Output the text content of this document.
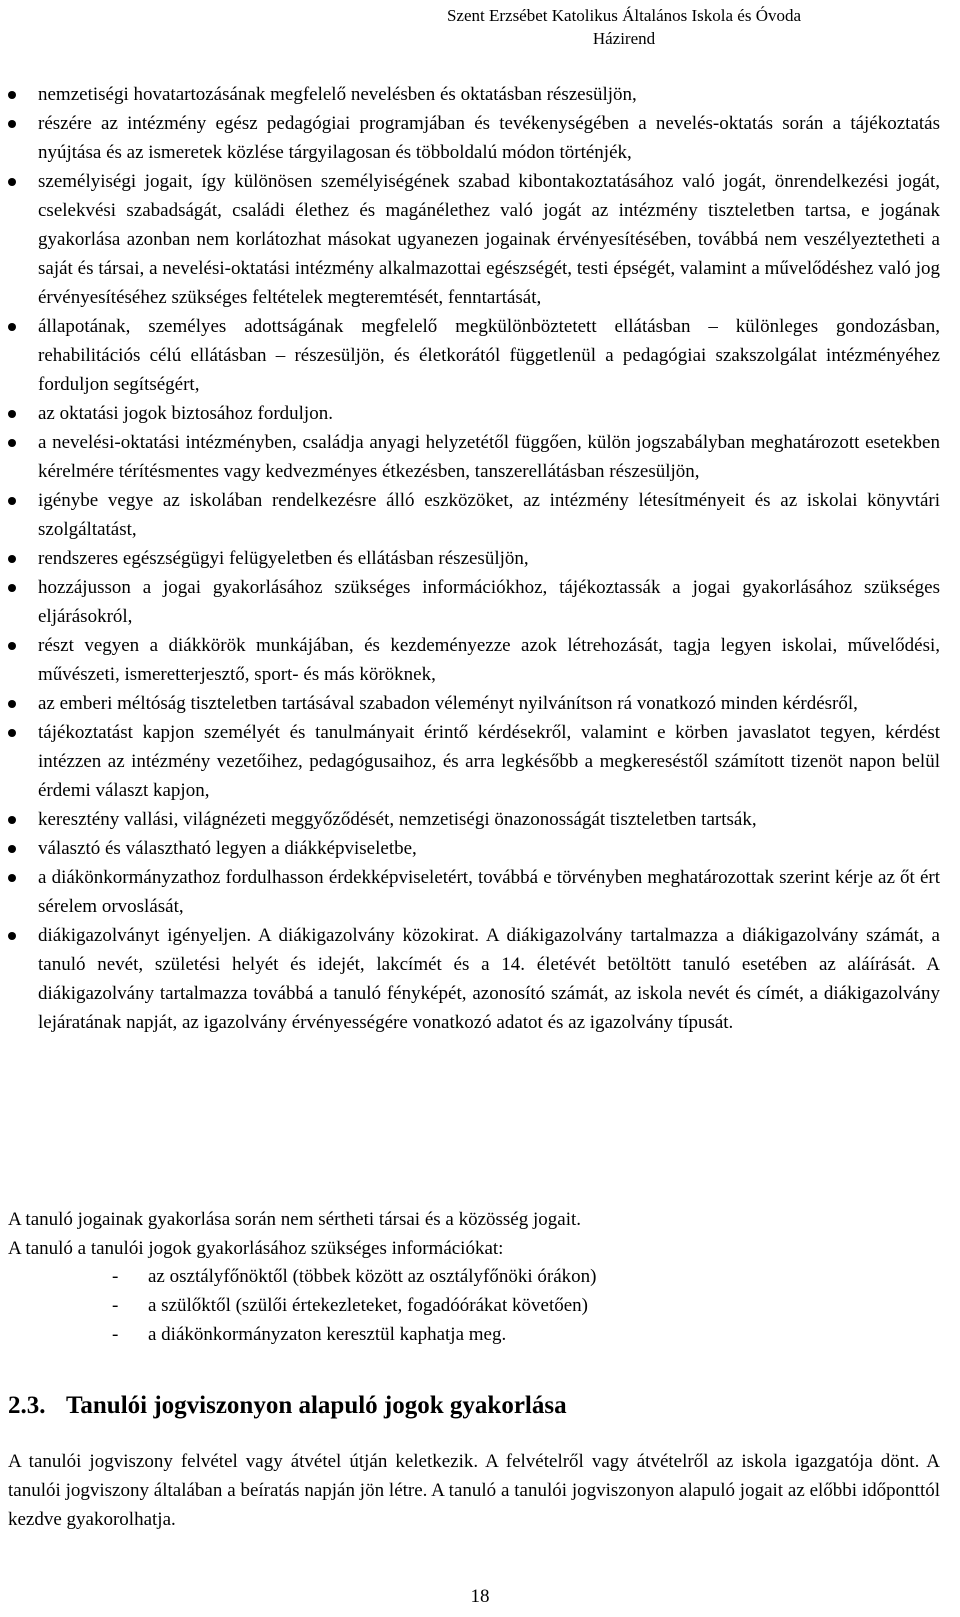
Szent Erzsébet Katolikus Általános Iskola és Óvoda
Házirend
nemzetiségi hovatartozásának megfelelő nevelésben és oktatásban részesüljön,
részére az intézmény egész pedagógiai programjában és tevékenységében a nevelés-oktatás során a tájékoztatás nyújtása és az ismeretek közlése tárgyilagosan és többoldalú módon történjék,
személyiségi jogait, így különösen személyiségének szabad kibontakoztatásához való jogát, önrendelkezési jogát, cselekvési szabadságát, családi élethez és magánélethez való jogát az intézmény tiszteletben tartsa, e jogának gyakorlása azonban nem korlátozhat másokat ugyanezen jogainak érvényesítésében, továbbá nem veszélyeztetheti a saját és társai, a nevelési-oktatási intézmény alkalmazottai egészségét, testi épségét, valamint a művelődéshez való jog érvényesítéséhez szükséges feltételek megteremtését, fenntartását,
állapotának, személyes adottságának megfelelő megkülönböztetett ellátásban – különleges gondozásban, rehabilitációs célú ellátásban – részesüljön, és életkorától függetlenül a pedagógiai szakszolgálat intézményéhez forduljon segítségért,
az oktatási jogok biztosához forduljon.
a nevelési-oktatási intézményben, családja anyagi helyzetétől függően, külön jogszabályban meghatározott esetekben kérelmére térítésmentes vagy kedvezményes étkezésben, tanszerellátásban részesüljön,
igénybe vegye az iskolában rendelkezésre álló eszközöket, az intézmény létesítményeit és az iskolai könyvtári szolgáltatást,
rendszeres egészségügyi felügyeletben és ellátásban részesüljön,
hozzájusson a jogai gyakorlásához szükséges információkhoz, tájékoztassák a jogai gyakorlásához szükséges eljárásokról,
részt vegyen a diákkörök munkájában, és kezdeményezze azok létrehozását, tagja legyen iskolai, művelődési, művészeti, ismeretterjesztő, sport- és más köröknek,
az emberi méltóság tiszteletben tartásával szabadon véleményt nyilvánítson rá vonatkozó minden kérdésről,
tájékoztatást kapjon személyét és tanulmányait érintő kérdésekről, valamint e körben javaslatot tegyen, kérdést intézzen az intézmény vezetőihez, pedagógusaihoz, és arra legkésőbb a megkereséstől számított tizenöt napon belül érdemi választ kapjon,
keresztény vallási, világnézeti meggyőződését, nemzetiségi önazonosságát tiszteletben tartsák,
választó és választható legyen a diákképviseletbe,
a diákönkormányzathoz fordulhasson érdekképviseletért, továbbá e törvényben meghatározottak szerint kérje az őt ért sérelem orvoslását,
diákigazolványt igényeljen. A diákigazolvány közokirat. A diákigazolvány tartalmazza a diákigazolvány számát, a tanuló nevét, születési helyét és idejét, lakcímét és a 14. életévét betöltött tanuló esetében az aláírását. A diákigazolvány tartalmazza továbbá a tanuló fényképét, azonosító számát, az iskola nevét és címét, a diákigazolvány lejáratának napját, az igazolvány érvényességére vonatkozó adatot és az igazolvány típusát.

A tanuló jogainak gyakorlása során nem sértheti társai és a közösség jogait.

A tanuló a tanulói jogok gyakorlásához szükséges információkat:

- az osztályfőnöktől (többek között az osztályfőnöki órákon)
- a szülőktől (szülői értekezleteket, fogadóórákat követően)
- a diákönkormányzaton keresztül kaphatja meg.
2.3. Tanulói jogviszonyon alapuló jogok gyakorlása

A tanulói jogviszony felvétel vagy átvétel útján keletkezik. A felvételről vagy átvételről az iskola igazgatója dönt. A tanulói jogviszony általában a beíratás napján jön létre. A tanuló a tanulói jogviszonyon alapuló jogait az előbbi időponttól kezdve gyakorolhatja.

18
